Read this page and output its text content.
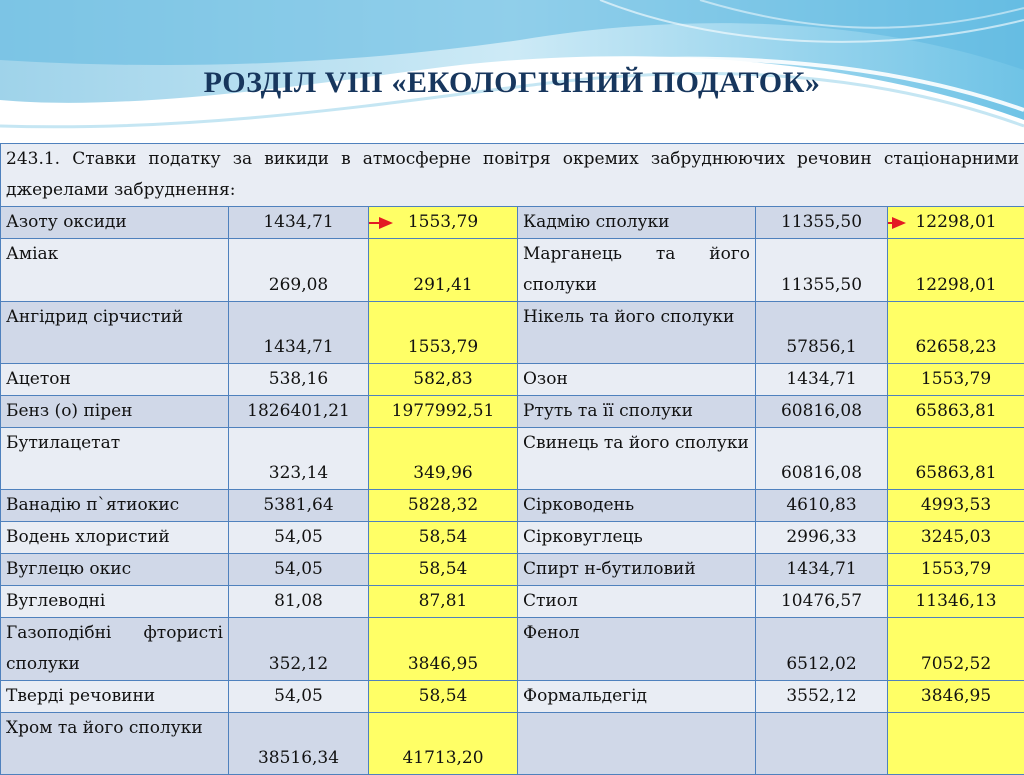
РОЗДІЛ VIII «ЕКОЛОГІЧНИЙ ПОДАТОК»
243.1. Ставки податку за викиди в атмосферне повітря окремих забруднюючих речовин стаціонарними джерелами забруднення:					
Азоту оксиди	1434,71	1553,79	Кадмію сполуки	11355,50	12298,01

Аміак	269,08	291,41	Марганець та його сполуки	11355,50	12298,01
Ангідрид сірчистий	1434,71	1553,79	Нікель та його сполуки	57856,1	62658,23
Ацетон	538,16	582,83	Озон	1434,71	1553,79
Бенз (о) пірен	1826401,21	1977992,51	Ртуть та її сполуки	60816,08	65863,81
Бутилацетат	323,14	349,96	Свинець та його сполуки	60816,08	65863,81
Ванадію п`ятиокис	5381,64	5828,32	Сірководень	4610,83	4993,53
Водень хлористий	54,05	58,54	Сірковуглець	2996,33	3245,03
Вуглецю окис	54,05	58,54	Спирт н-бутиловий	1434,71	1553,79
Вуглеводні	81,08	87,81	Стиол	10476,57	11346,13
Газоподібні фтористі сполуки	352,12	3846,95	Фенол	6512,02	7052,52
Тверді речовини	54,05	58,54	Формальдегід	3552,12	3846,95
Хром та його сполуки	38516,34	41713,20			
